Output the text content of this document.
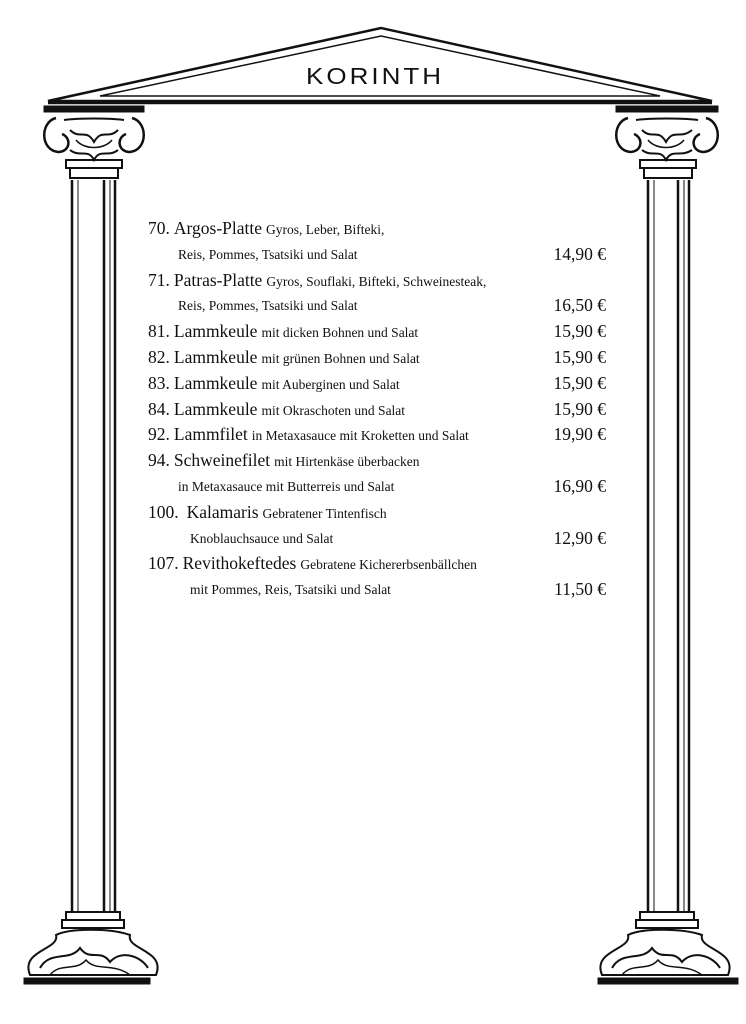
KORINTH
70. Argos-Platte Gyros, Leber, Bifteki,
Reis, Pommes, Tsatsiki und Salat	14,90 €
71. Patras-Platte Gyros, Souflaki, Bifteki, Schweinesteak,
Reis, Pommes, Tsatsiki und Salat	16,50 €
81. Lammkeule mit dicken Bohnen und Salat	15,90 €
82. Lammkeule mit grünen Bohnen und Salat	15,90 €
83. Lammkeule mit Auberginen und Salat	15,90 €
84. Lammkeule mit Okraschoten und Salat	15,90 €
92. Lammfilet in Metaxasauce mit Kroketten und Salat	19,90 €
94. Schweinefilet mit Hirtenkäse überbacken
in Metaxasauce mit Butterreis und Salat	16,90 €
100. Kalamaris Gebratener Tintenfisch
Knoblauchsauce und Salat	12,90 €
107. Revithokeftedes Gebratene Kichererbsenbällchen
mit Pommes, Reis, Tsatsiki und Salat	11,50 €
